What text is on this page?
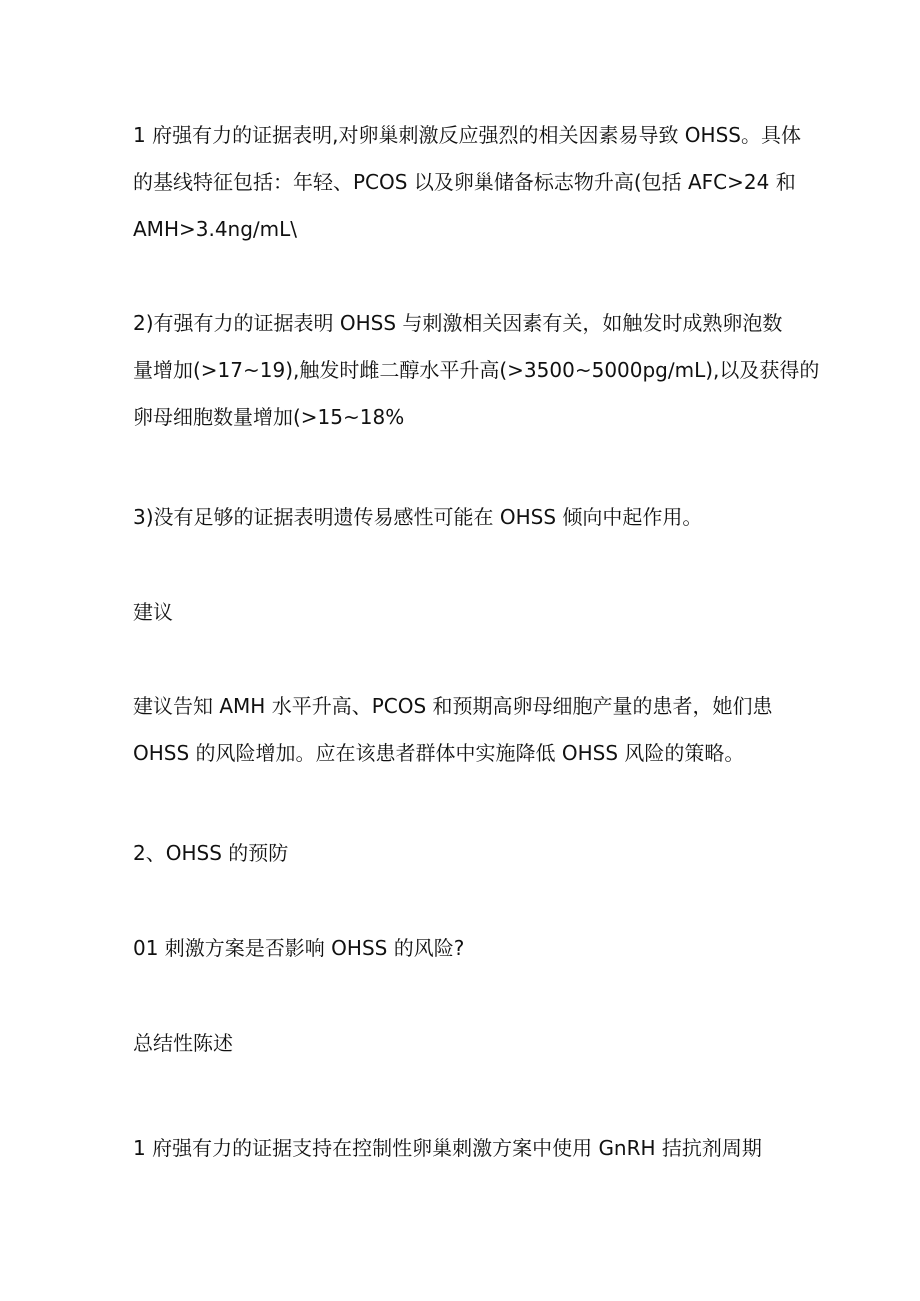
1 府强有力的证据表明,对卵巢刺激反应强烈的相关因素易导致 OHSS。具体
的基线特征包括：年轻、PCOS 以及卵巢储备标志物升高(包括 AFC>24 和
AMH>3.4ng∕mL\
2)有强有力的证据表明 OHSS 与刺激相关因素有关，如触发时成熟卵泡数
量增加(>17~19),触发时雌二醇水平升高(>3500~5000pg∕mL),以及获得的
卵母细胞数量增加(>15~18%
3)没有足够的证据表明遗传易感性可能在 OHSS 倾向中起作用。
建议
建议告知 AMH 水平升高、PCOS 和预期高卵母细胞产量的患者，她们患
OHSS 的风险增加。应在该患者群体中实施降低 OHSS 风险的策略。
2、OHSS 的预防
01 刺激方案是否影响 OHSS 的风险?
总结性陈述
1 府强有力的证据支持在控制性卵巢刺激方案中使用 GnRH 拮抗剂周期
